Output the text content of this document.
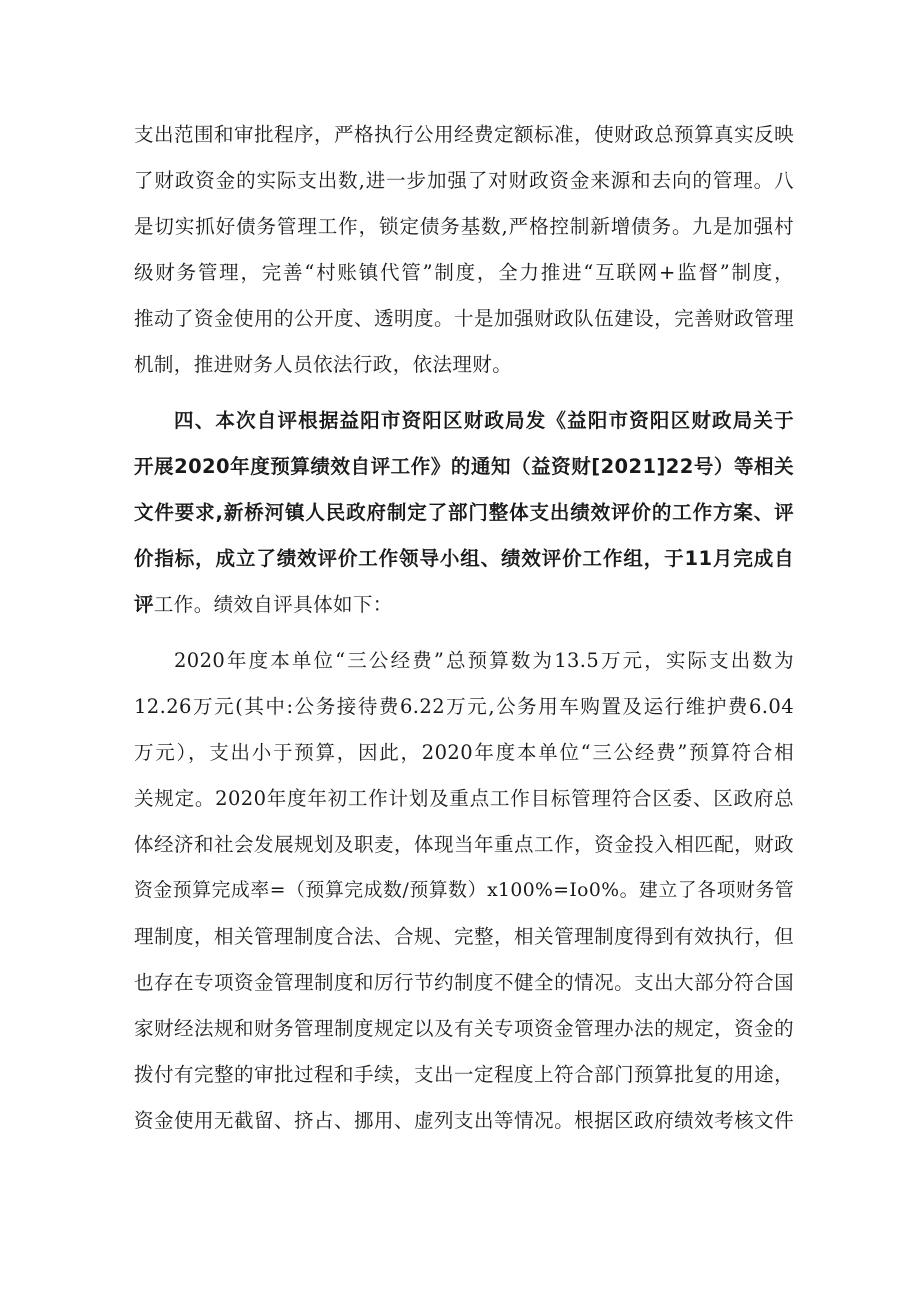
支出范围和审批程序，严格执行公用经费定额标准，使财政总预算真实反映
了财政资金的实际支出数,进一步加强了对财政资金来源和去向的管理。八
是切实抓好债务管理工作，锁定债务基数,严格控制新增债务。九是加强村
级财务管理，完善“村账镇代管”制度，全力推进“互联网+监督”制度，
推动了资金使用的公开度、透明度。十是加强财政队伍建设，完善财政管理
机制，推进财务人员依法行政，依法理财。
四、本次自评根据益阳市资阳区财政局发《益阳市资阳区财政局关于
开展2020年度预算绩效自评工作》的通知（益资财[2021]22号）等相关
文件要求,新桥河镇人民政府制定了部门整体支出绩效评价的工作方案、评
价指标，成立了绩效评价工作领导小组、绩效评价工作组，于11月完成自
评工作。绩效自评具体如下：
2020年度本单位“三公经费”总预算数为13.5万元，实际支出数为
12.26万元(其中:公务接待费6.22万元,公务用车购置及运行维护费6.04
万元），支出小于预算，因此，2020年度本单位“三公经费”预算符合相
关规定。2020年度年初工作计划及重点工作目标管理符合区委、区政府总
体经济和社会发展规划及职麦，体现当年重点工作，资金投入相匹配，财政
资金预算完成率=（预算完成数/预算数）x100%=Io0%。建立了各项财务管
理制度，相关管理制度合法、合规、完整，相关管理制度得到有效执行，但
也存在专项资金管理制度和厉行节约制度不健全的情况。支出大部分符合国
家财经法规和财务管理制度规定以及有关专项资金管理办法的规定，资金的
拨付有完整的审批过程和手续，支出一定程度上符合部门预算批复的用途，
资金使用无截留、挤占、挪用、虚列支出等情况。根据区政府绩效考核文件
